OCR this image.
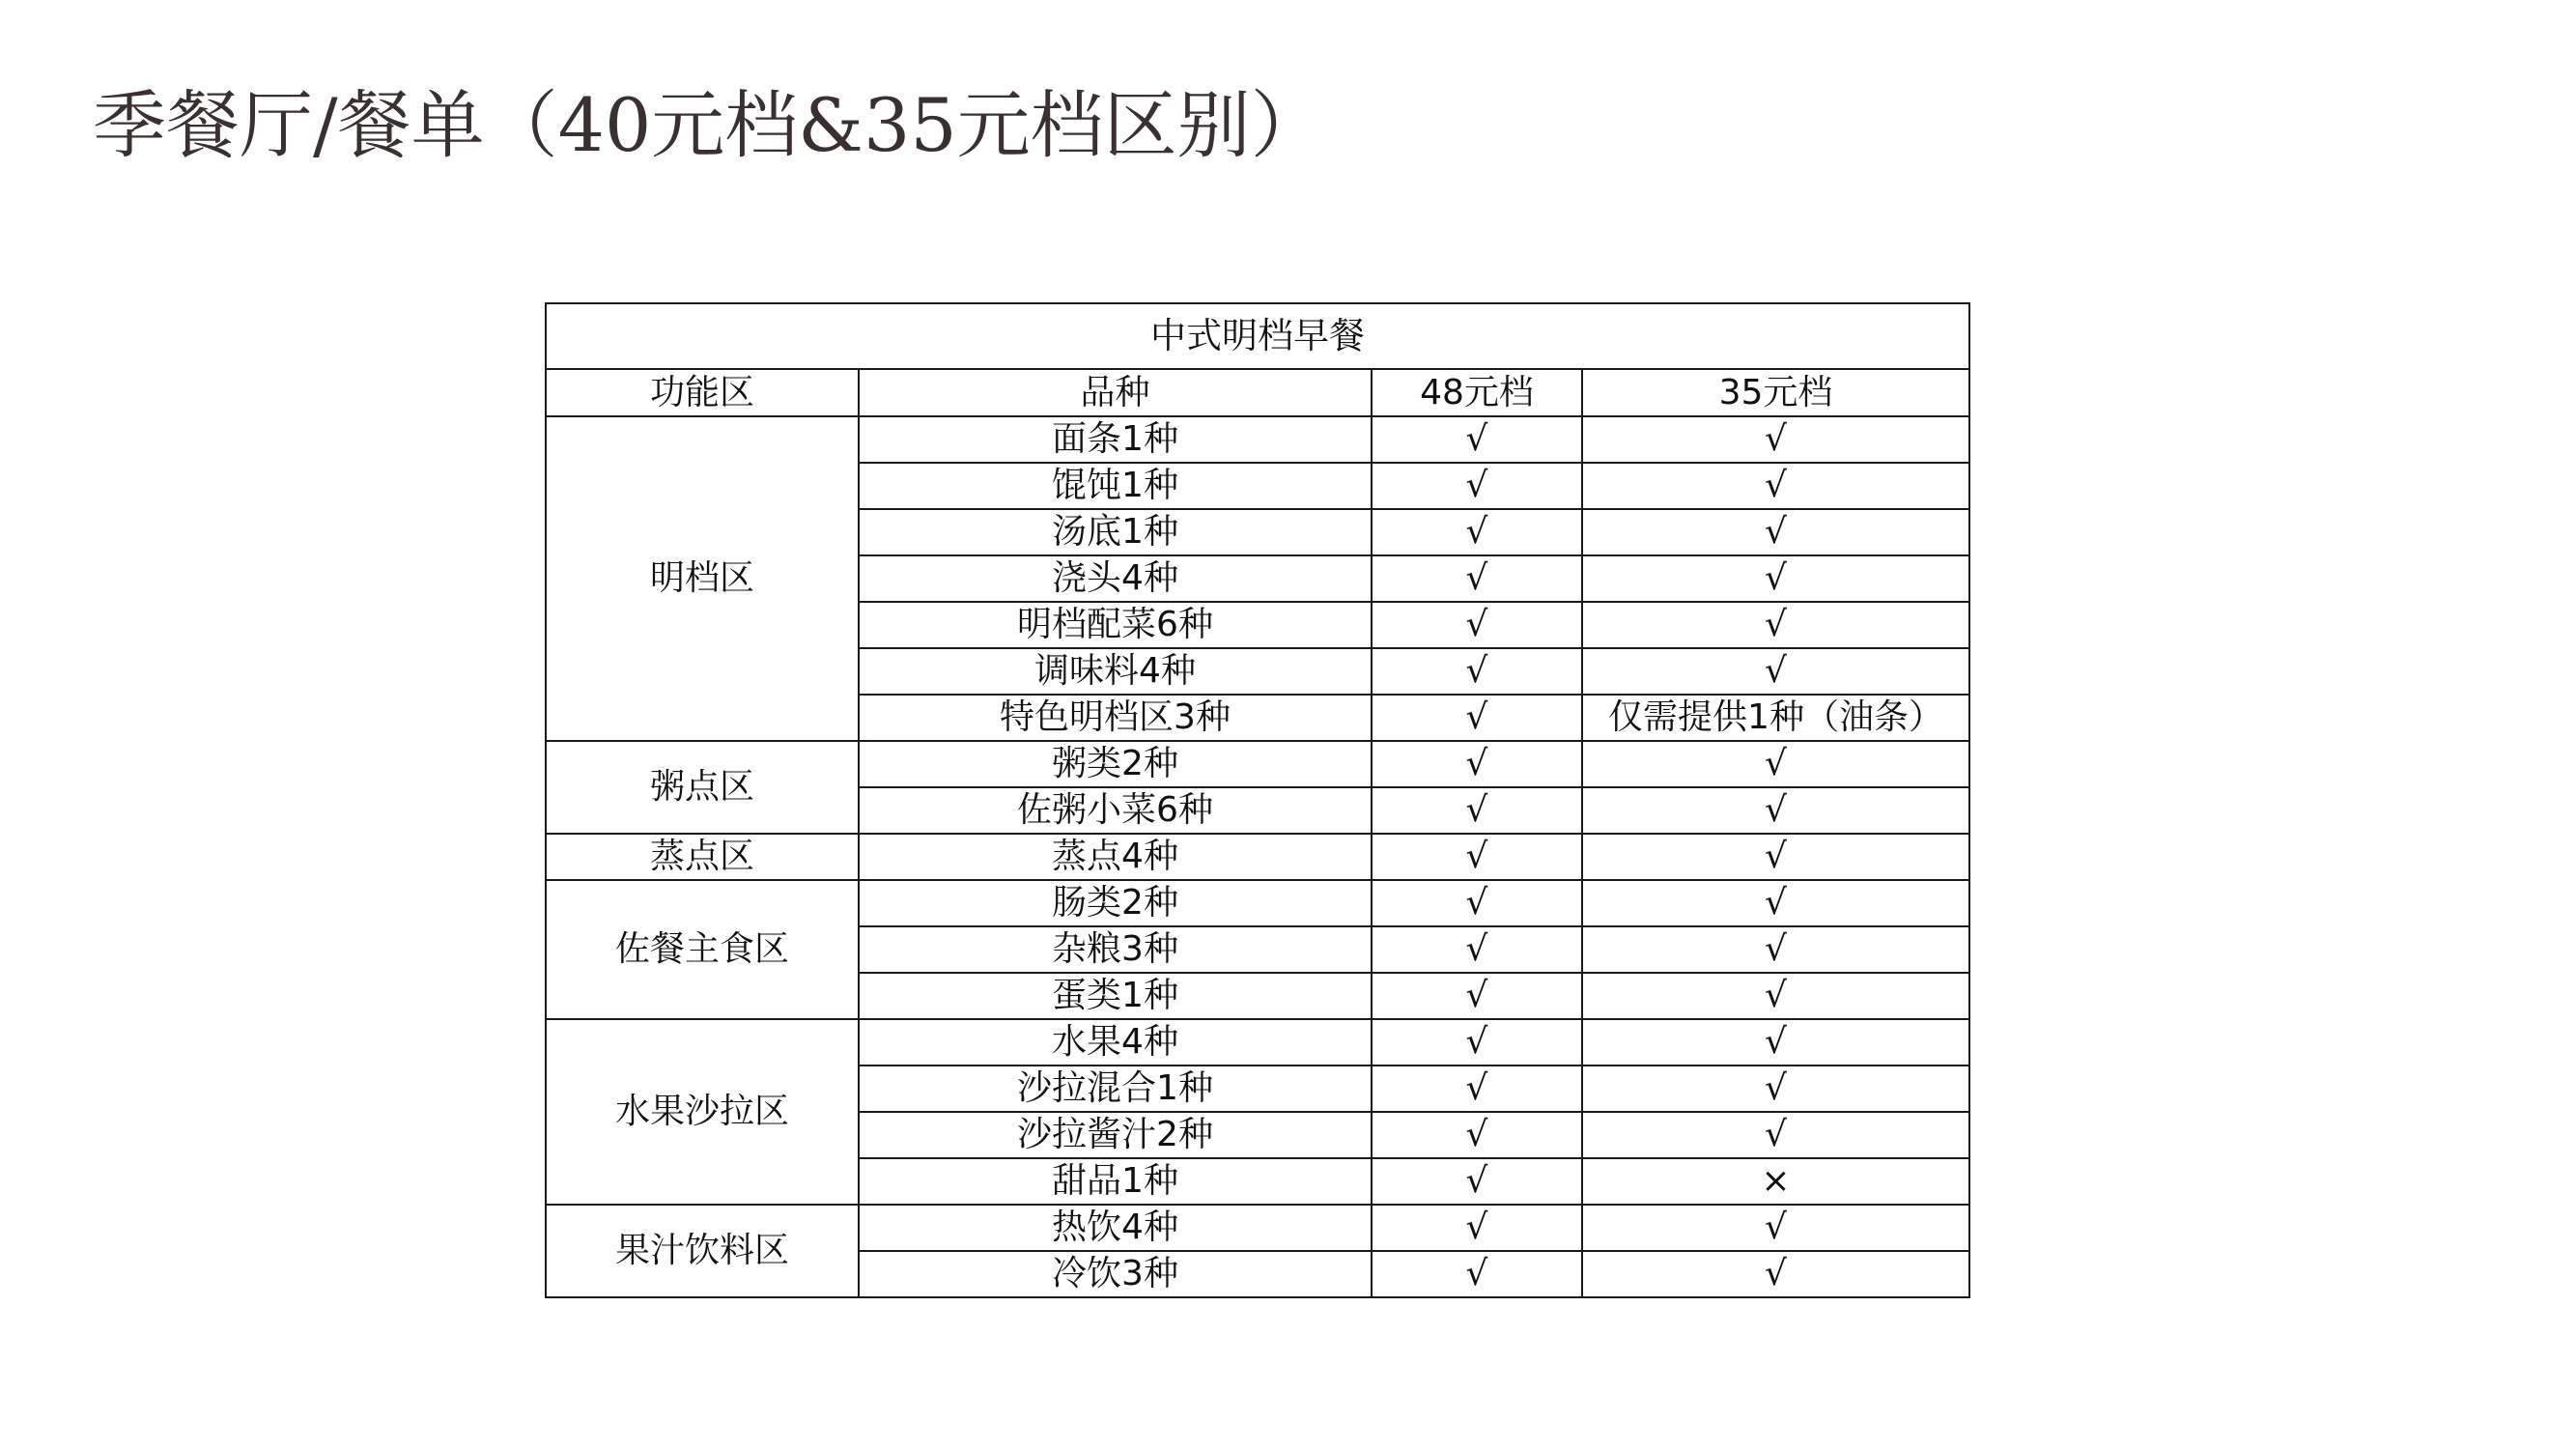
季餐厅/餐单（40元档&35元档区别）
中式明档早餐			
功能区	品种	48元档	35元档
明档区	面条1种	√	√
	馄饨1种	√	√
	汤底1种	√	√
	浇头4种	√	√
	明档配菜6种	√	√
	调味料4种	√	√
	特色明档区3种	√	仅需提供1种（油条）
粥点区	粥类2种	√	√
	佐粥小菜6种	√	√
蒸点区	蒸点4种	√	√
佐餐主食区	肠类2种	√	√
	杂粮3种	√	√
	蛋类1种	√	√
水果沙拉区	水果4种	√	√
	沙拉混合1种	√	√
	沙拉酱汁2种	√	√
	甜品1种	√	×
果汁饮料区	热饮4种	√	√
	冷饮3种	√	√
